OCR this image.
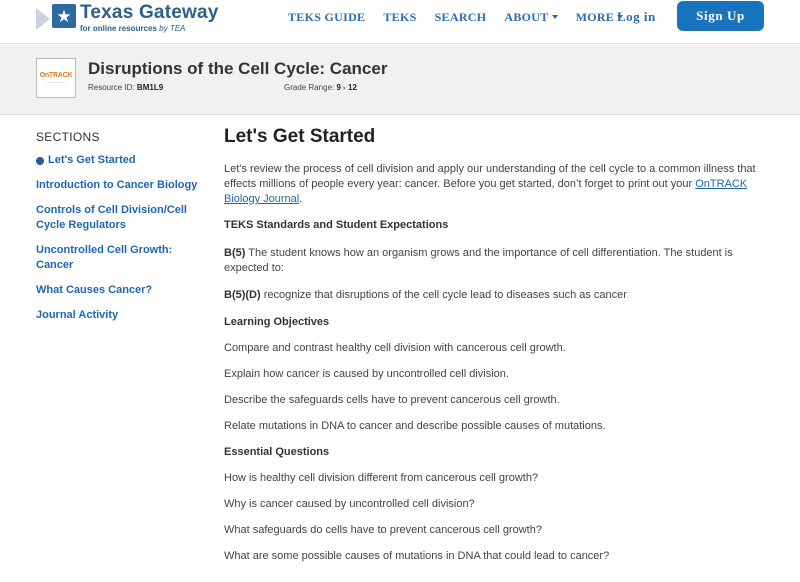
★ Texas Gateway
for online resources by TEA
TEKS GUIDE TEKS SEARCH ABOUT MORE Log in	Sign Up
OnTRACK
———————
Disruptions of the Cell Cycle: Cancer
Resource ID: BM1L9	Grade Range: 9 - 12
SECTIONS
Let's Get Started
Introduction to Cancer Biology
Controls of Cell Division/Cell Cycle Regulators
Uncontrolled Cell Growth: Cancer
What Causes Cancer?
Journal Activity
Let's Get Started

Let's review the process of cell division and apply our understanding of the cell cycle to a common illness that effects millions of people every year: cancer. Before you get started, don’t forget to print out your OnTRACK Biology Journal.

TEKS Standards and Student Expectations

B(5) The student knows how an organism grows and the importance of cell differentiation. The student is expected to:

B(5)(D) recognize that disruptions of the cell cycle lead to diseases such as cancer

Learning Objectives
Compare and contrast healthy cell division with cancerous cell growth.
Explain how cancer is caused by uncontrolled cell division.
Describe the safeguards cells have to prevent cancerous cell growth.
Relate mutations in DNA to cancer and describe possible causes of mutations.
Essential Questions
How is healthy cell division different from cancerous cell growth?
Why is cancer caused by uncontrolled cell division?
What safeguards do cells have to prevent cancerous cell growth?
What are some possible causes of mutations in DNA that could lead to cancer?
